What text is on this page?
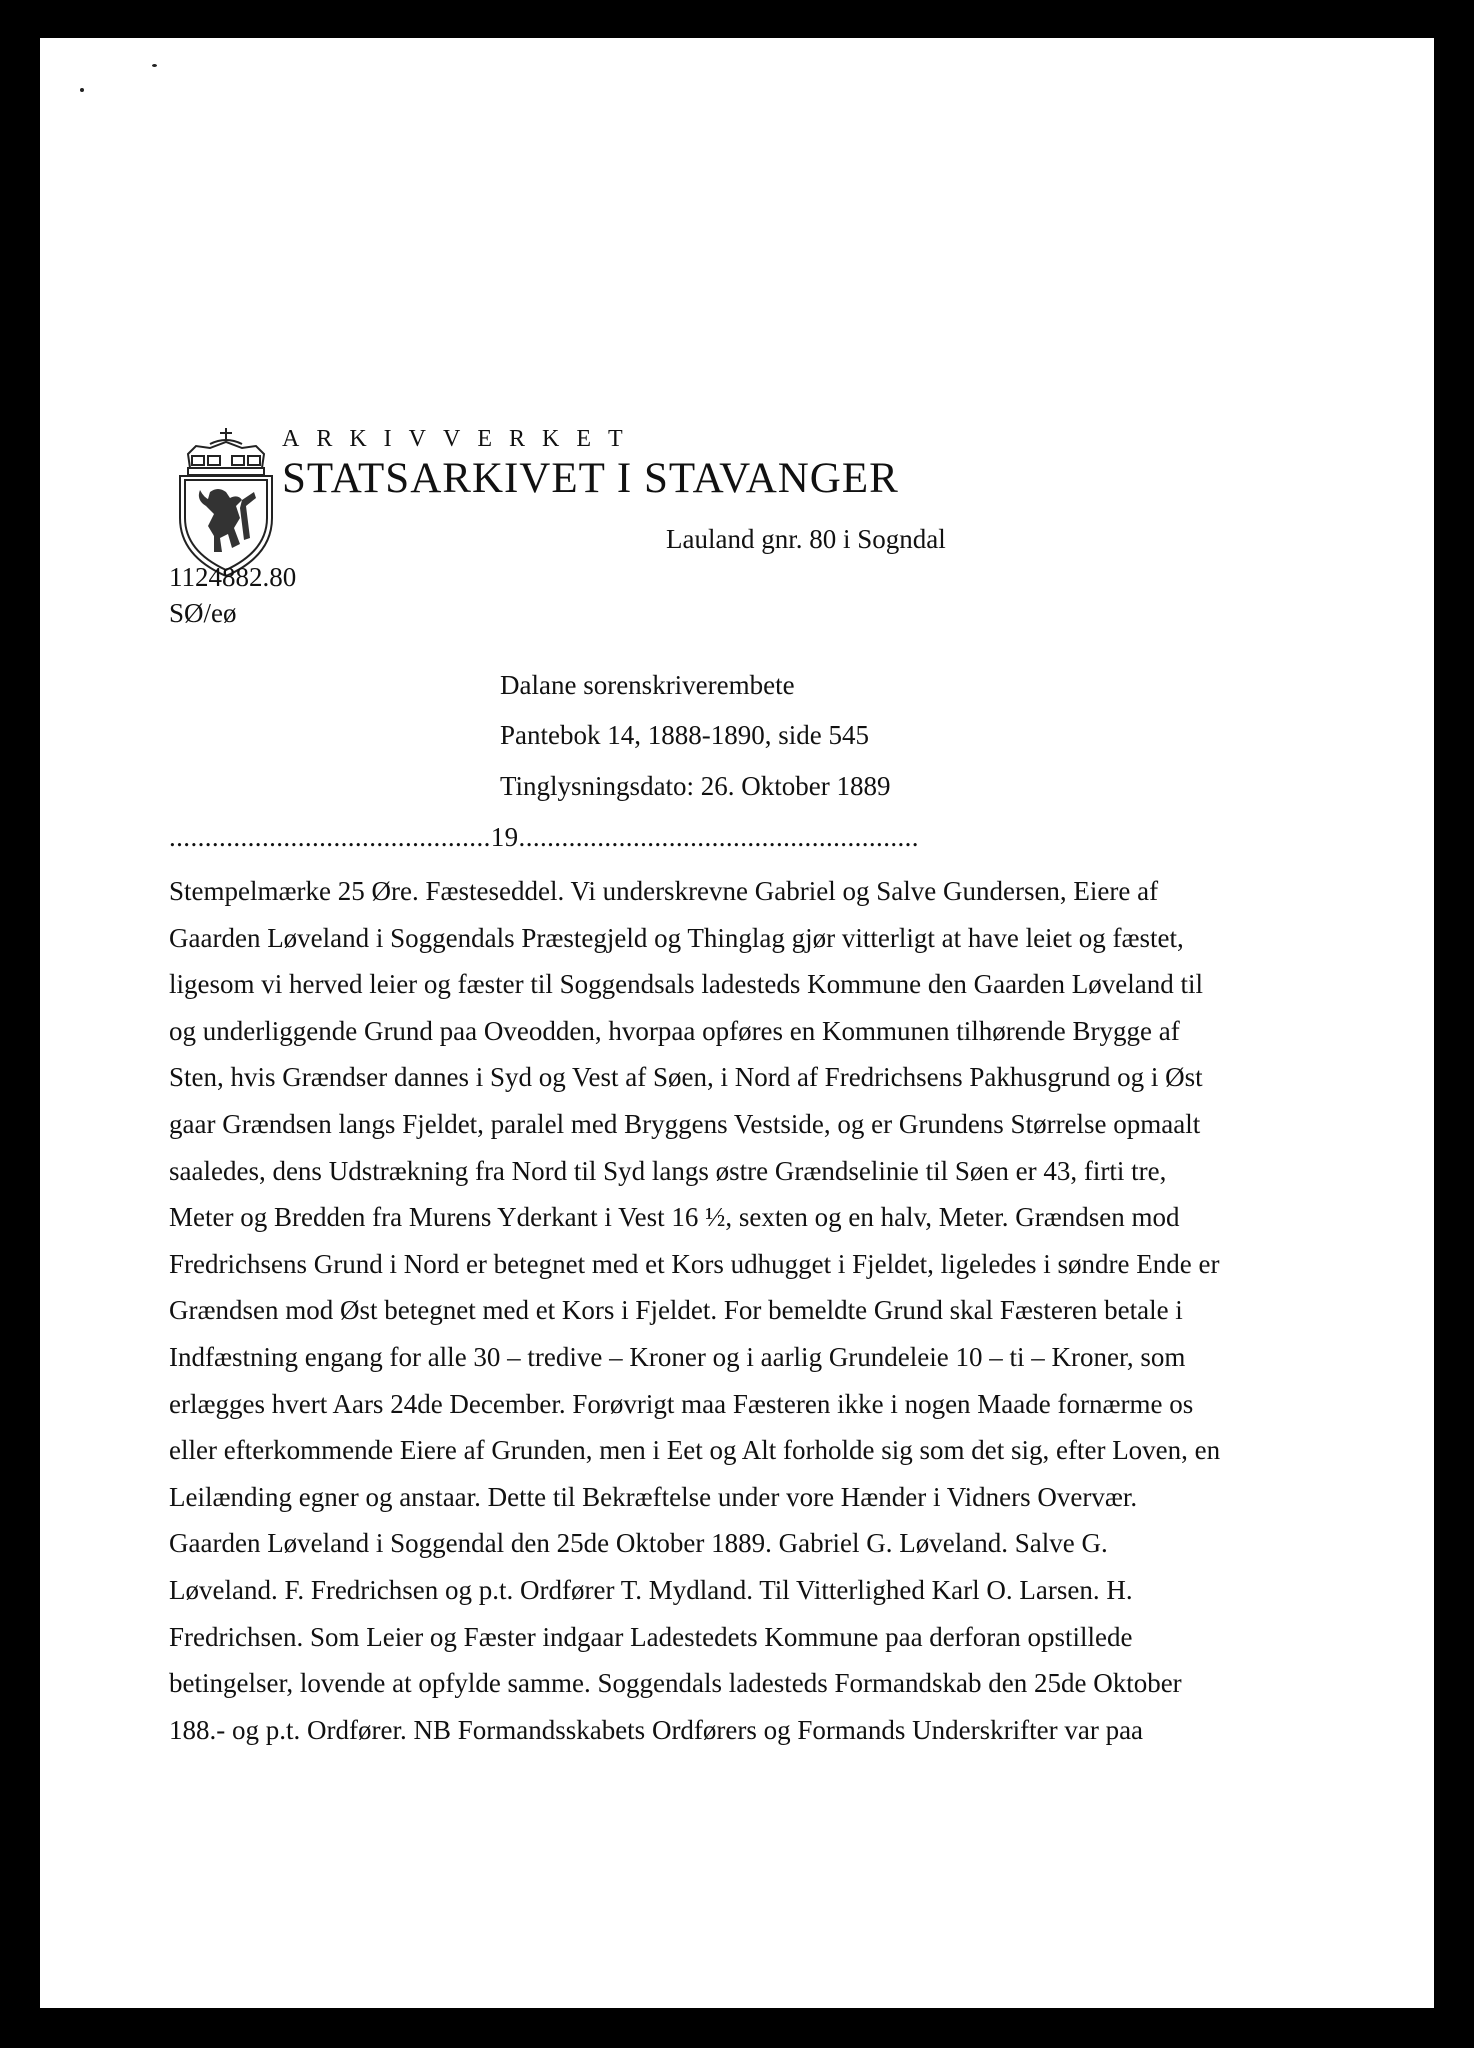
ARKIVVERKET
STATSARKIVET I STAVANGER
Lauland gnr. 80 i Sogndal
1124882.80
SØ/eø
Dalane sorenskriverembete
Pantebok 14, 1888-1890, side 545
Tinglysningsdato: 26. Oktober 1889
.............................................19........................................................
Stempelmærke 25 Øre. Fæsteseddel. Vi underskrevne Gabriel og Salve Gundersen, Eiere af
Gaarden Løveland i Soggendals Præstegjeld og Thinglag gjør vitterligt at have leiet og fæstet,
ligesom vi herved leier og fæster til Soggendsals ladesteds Kommune den Gaarden Løveland til
og underliggende Grund paa Oveodden, hvorpaa opføres en Kommunen tilhørende Brygge af
Sten, hvis Grændser dannes i Syd og Vest af Søen, i Nord af Fredrichsens Pakhusgrund og i Øst
gaar Grændsen langs Fjeldet, paralel med Bryggens Vestside, og er Grundens Størrelse opmaalt
saaledes, dens Udstrækning fra Nord til Syd langs østre Grændselinie til Søen er 43, firti tre,
Meter og Bredden fra Murens Yderkant i Vest 16 ½, sexten og en halv, Meter. Grændsen mod
Fredrichsens Grund i Nord er betegnet med et Kors udhugget i Fjeldet, ligeledes i søndre Ende er
Grændsen mod Øst betegnet med et Kors i Fjeldet. For bemeldte Grund skal Fæsteren betale i
Indfæstning engang for alle 30 – tredive – Kroner og i aarlig Grundeleie 10 – ti – Kroner, som
erlægges hvert Aars 24de December. Forøvrigt maa Fæsteren ikke i nogen Maade fornærme os
eller efterkommende Eiere af Grunden, men i Eet og Alt forholde sig som det sig, efter Loven, en
Leilænding egner og anstaar. Dette til Bekræftelse under vore Hænder i Vidners Overvær.
Gaarden Løveland i Soggendal den 25de Oktober 1889. Gabriel G. Løveland. Salve G.
Løveland. F. Fredrichsen og p.t. Ordfører T. Mydland. Til Vitterlighed Karl O. Larsen. H.
Fredrichsen. Som Leier og Fæster indgaar Ladestedets Kommune paa derforan opstillede
betingelser, lovende at opfylde samme. Soggendals ladesteds Formandskab den 25de Oktober
188.- og p.t. Ordfører. NB Formandsskabets Ordførers og Formands Underskrifter var paa
